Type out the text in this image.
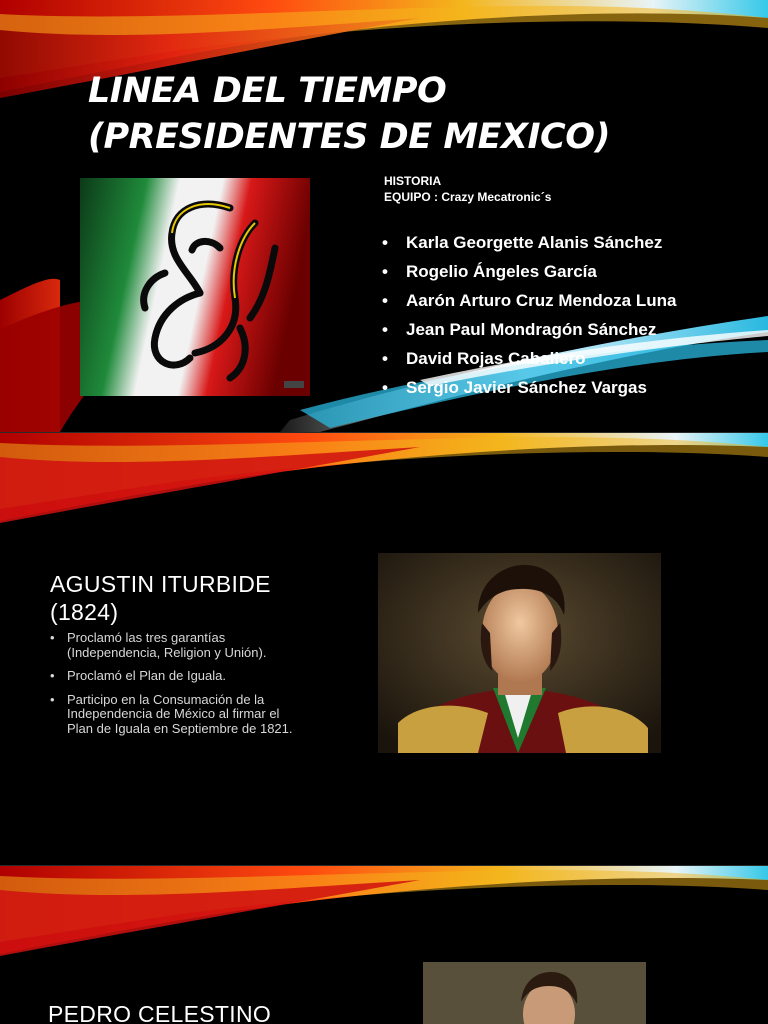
LINEA DEL TIEMPO
(PRESIDENTES DE MEXICO)
HISTORIA
EQUIPO : Crazy Mecatronic´s
• Karla Georgette Alanis Sánchez
• Rogelio Ángeles García
• Aarón Arturo Cruz Mendoza Luna
• Jean Paul Mondragón Sánchez
• David Rojas Caballero
• Sergio Javier Sánchez Vargas
AGUSTIN ITURBIDE
(1824)
• Proclamó las tres garantías (Independencia, Religion y Unión).
• Proclamó el Plan de Iguala.
• Participo en la Consumación de la Independencia de México al firmar el Plan de Iguala en Septiembre de 1821.
PEDRO CELESTINO
